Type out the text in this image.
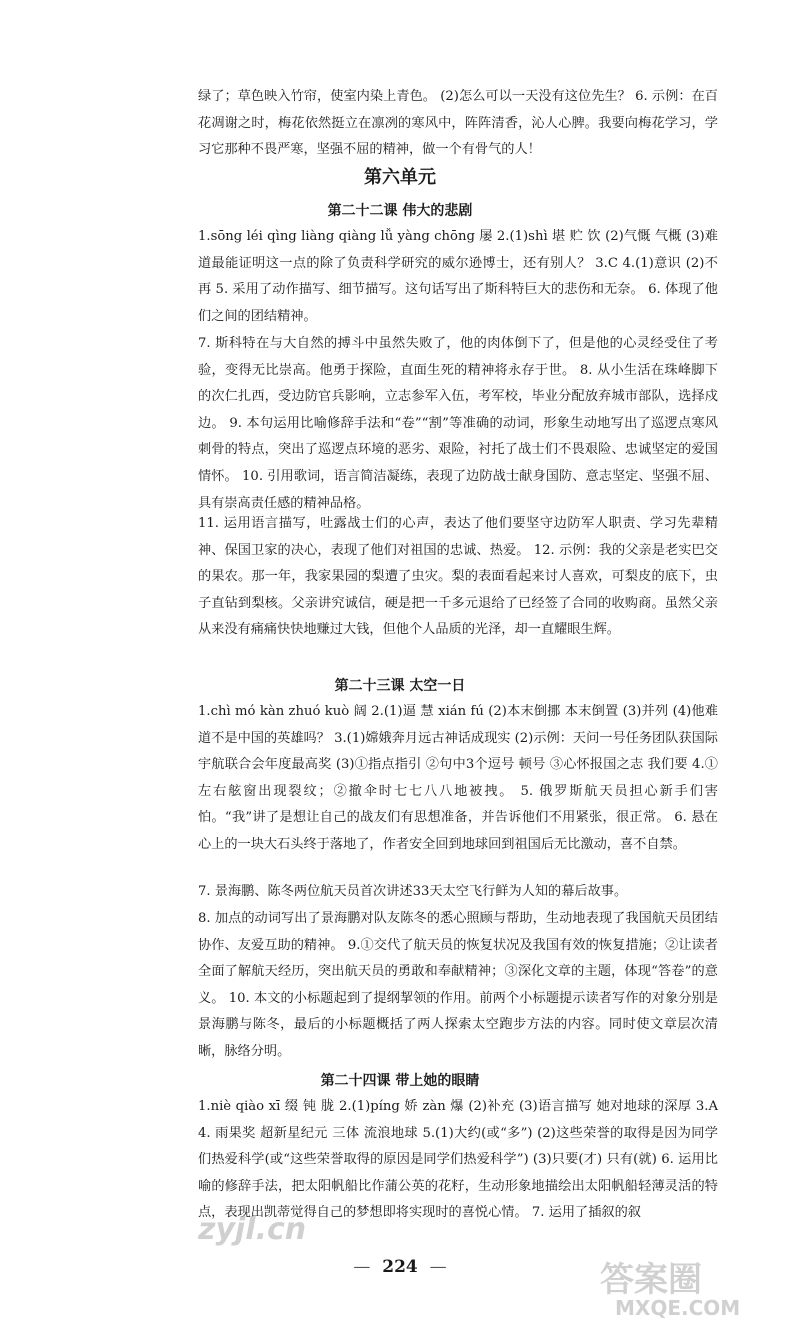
绿了；草色映入竹帘，使室内染上青色。 (2)怎么可以一天没有这位先生？ 6. 示例：在百花凋谢之时，梅花依然挺立在凛冽的寒风中，阵阵清香，沁人心脾。我要向梅花学习，学习它那种不畏严寒，坚强不屈的精神，做一个有骨气的人！
第六单元
第二十二课 伟大的悲剧
1.sōng léi qìng liàng qiàng lǚ yàng chōng 屡 2.(1)shì 堪 贮 饮 (2)气慨 气概 (3)难道最能证明这一点的除了负责科学研究的威尔逊博士，还有别人？ 3.C 4.(1)意识 (2)不再 5. 采用了动作描写、细节描写。这句话写出了斯科特巨大的悲伤和无奈。 6. 体现了他们之间的团结精神。
7. 斯科特在与大自然的搏斗中虽然失败了，他的肉体倒下了，但是他的心灵经受住了考验，变得无比崇高。他勇于探险，直面生死的精神将永存于世。 8. 从小生活在珠峰脚下的次仁扎西，受边防官兵影响，立志参军入伍，考军校，毕业分配放弃城市部队，选择戍边。 9. 本句运用比喻修辞手法和“卷”“割”等准确的动词，形象生动地写出了巡逻点寒风刺骨的特点，突出了巡逻点环境的恶劣、艰险，衬托了战士们不畏艰险、忠诚坚定的爱国情怀。 10. 引用歌词，语言简洁凝练，表现了边防战士献身国防、意志坚定、坚强不屈、具有崇高责任感的精神品格。
11. 运用语言描写，吐露战士们的心声，表达了他们要坚守边防军人职责、学习先辈精神、保国卫家的决心，表现了他们对祖国的忠诚、热爱。 12. 示例：我的父亲是老实巴交的果农。那一年，我家果园的梨遭了虫灾。梨的表面看起来讨人喜欢，可梨皮的底下，虫子直钻到梨核。父亲讲究诚信，硬是把一千多元退给了已经签了合同的收购商。虽然父亲从来没有痛痛快快地赚过大钱，但他个人品质的光泽，却一直耀眼生辉。
第二十三课 太空一日
1.chì mó kàn zhuó kuò 阔 2.(1)逼 慧 xián fú (2)本末倒挪 本末倒置 (3)并列 (4)他难道不是中国的英雄吗？ 3.(1)嫦娥奔月远古神话成现实 (2)示例：天问一号任务团队获国际宇航联合会年度最高奖 (3)①指点指引 ②句中3个逗号 顿号 ③心怀报国之志 我们要 4.①左右舷窗出现裂纹；②撤伞时七七八八地被拽。 5. 俄罗斯航天员担心新手们害怕。“我”讲了是想让自己的战友们有思想准备，并告诉他们不用紧张，很正常。 6. 悬在心上的一块大石头终于落地了，作者安全回到地球回到祖国后无比激动，喜不自禁。
7. 景海鹏、陈冬两位航天员首次讲述33天太空飞行鲜为人知的幕后故事。
8. 加点的动词写出了景海鹏对队友陈冬的悉心照顾与帮助，生动地表现了我国航天员团结协作、友爱互助的精神。 9.①交代了航天员的恢复状况及我国有效的恢复措施；②让读者全面了解航天经历，突出航天员的勇敢和奉献精神；③深化文章的主题，体现“答卷”的意义。 10. 本文的小标题起到了提纲挈领的作用。前两个小标题提示读者写作的对象分别是景海鹏与陈冬，最后的小标题概括了两人探索太空跑步方法的内容。同时使文章层次清晰，脉络分明。
第二十四课 带上她的眼睛
1.niè qiào xī 缀 钝 胧 2.(1)píng 娇 zàn 爆 (2)补充 (3)语言描写 她对地球的深厚 3.A 4. 雨果奖 超新星纪元 三体 流浪地球 5.(1)大约(或“多”) (2)这些荣誉的取得是因为同学们热爱科学(或“这些荣誉取得的原因是同学们热爱科学”) (3)只要(才) 只有(就) 6. 运用比喻的修辞手法，把太阳帆船比作蒲公英的花籽，生动形象地描绘出太阳帆船轻薄灵活的特点，表现出凯蒂觉得自己的梦想即将实现时的喜悦心情。 7. 运用了插叙的叙
— 224 —
zyjl.cn
答案圈
MXQE.COM
